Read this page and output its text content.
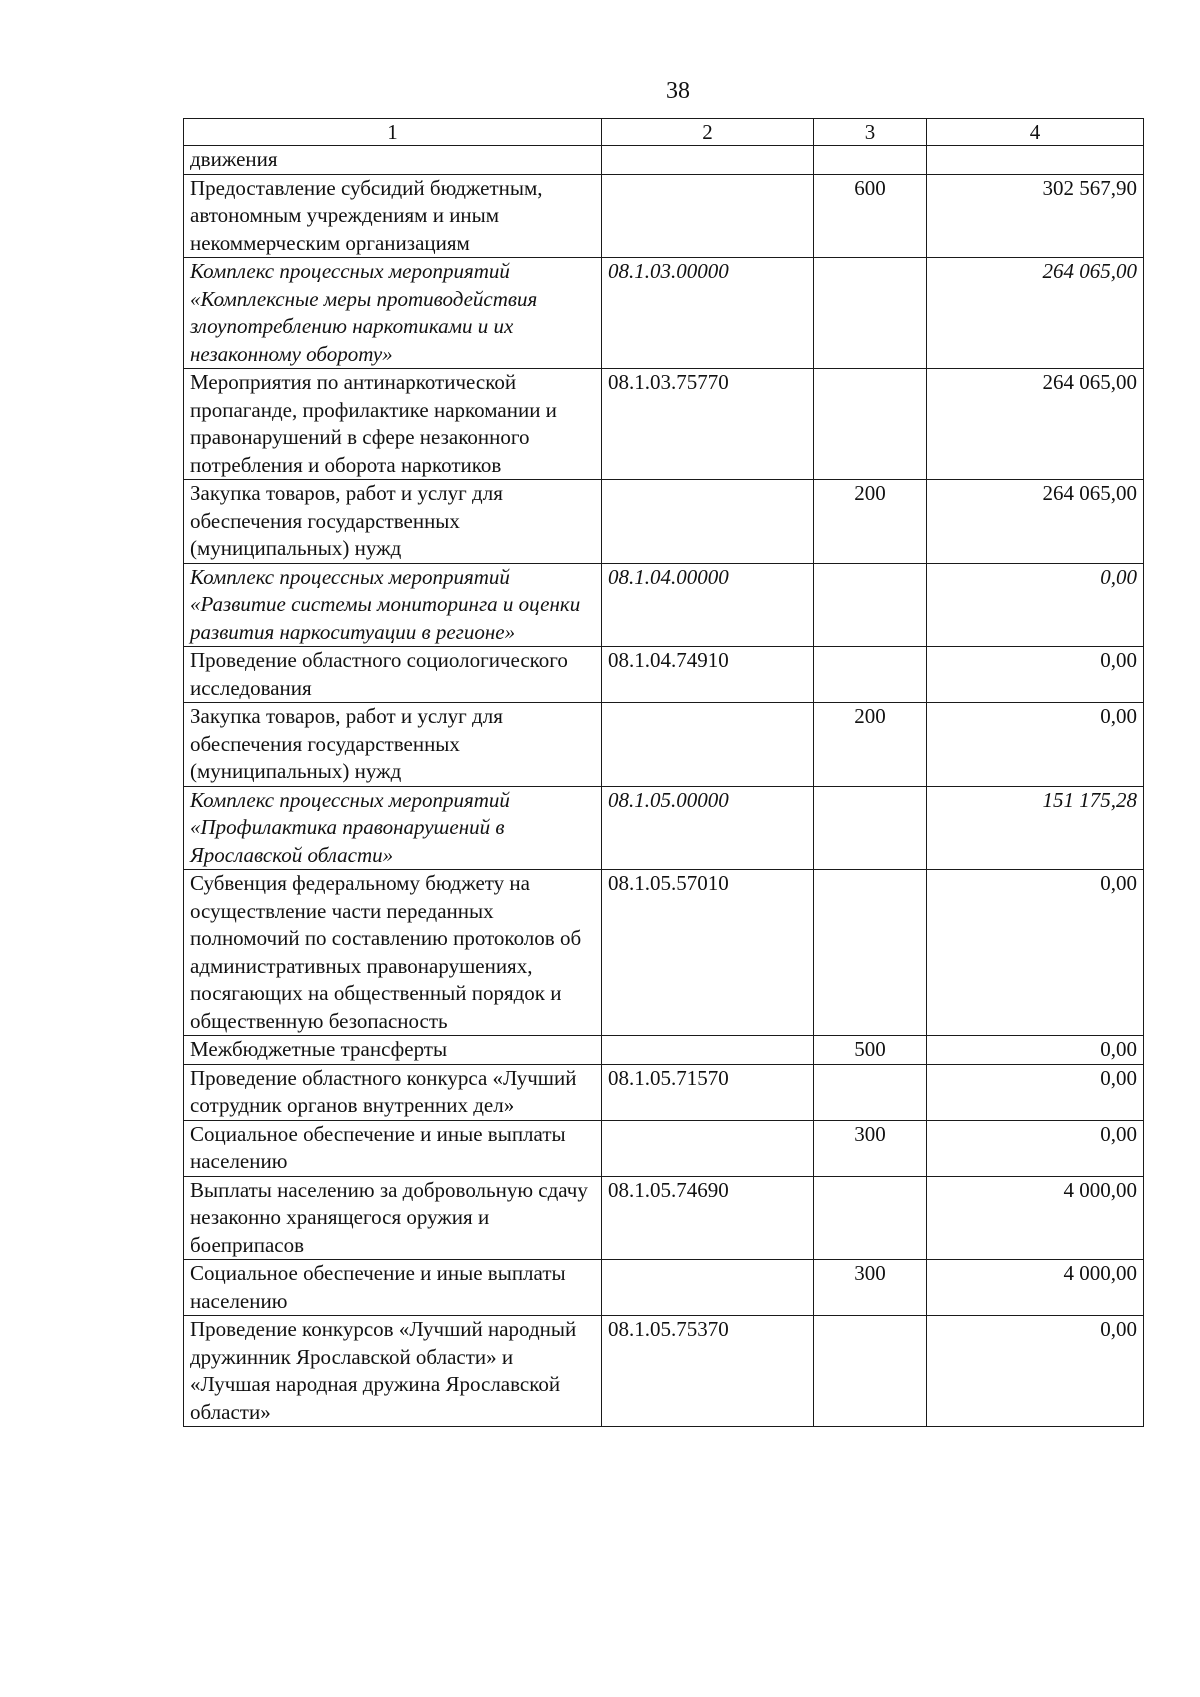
38
1	2	3	4
движения			
Предоставление субсидий бюджетным, автономным учреждениям и иным некоммерческим организациям		600	302 567,90
Комплекс процессных мероприятий «Комплексные меры противодействия злоупотреблению наркотиками и их незаконному обороту»	08.1.03.00000		264 065,00
Мероприятия по антинаркотической пропаганде, профилактике наркомании и правонарушений в сфере незаконного потребления и оборота наркотиков	08.1.03.75770		264 065,00
Закупка товаров, работ и услуг для обеспечения государственных (муниципальных) нужд		200	264 065,00
Комплекс процессных мероприятий «Развитие системы мониторинга и оценки развития наркоситуации в регионе»	08.1.04.00000		0,00
Проведение областного социологического исследования	08.1.04.74910		0,00
Закупка товаров, работ и услуг для обеспечения государственных (муниципальных) нужд		200	0,00
Комплекс процессных мероприятий «Профилактика правонарушений в Ярославской области»	08.1.05.00000		151 175,28
Субвенция федеральному бюджету на осуществление части переданных полномочий по составлению протоколов об административных правонарушениях, посягающих на общественный порядок и общественную безопасность	08.1.05.57010		0,00
Межбюджетные трансферты		500	0,00
Проведение областного конкурса «Лучший сотрудник органов внутренних дел»	08.1.05.71570		0,00
Социальное обеспечение и иные выплаты населению		300	0,00
Выплаты населению за добровольную сдачу незаконно хранящегося оружия и боеприпасов	08.1.05.74690		4 000,00
Социальное обеспечение и иные выплаты населению		300	4 000,00
Проведение конкурсов «Лучший народный дружинник Ярославской области» и «Лучшая народная дружина Ярославской области»	08.1.05.75370		0,00
